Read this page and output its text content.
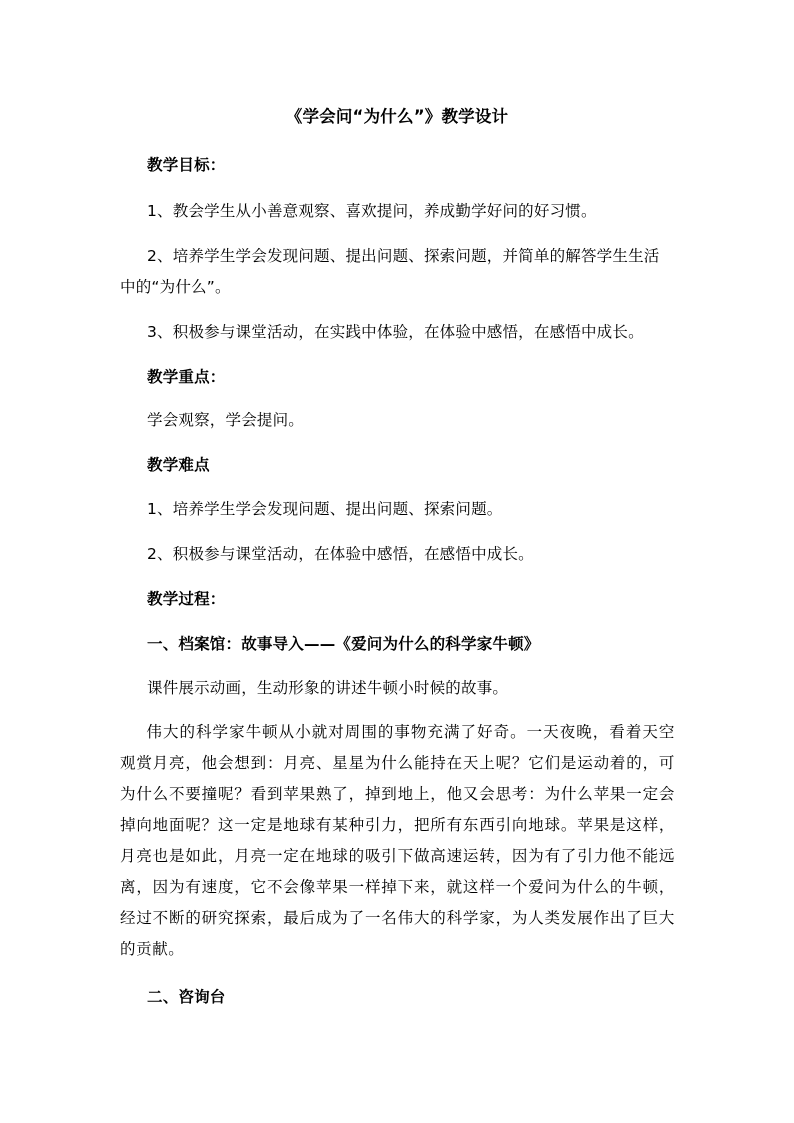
《学会问“为什么”》教学设计
教学目标：
1、教会学生从小善意观察、喜欢提问，养成勤学好问的好习惯。
2、培养学生学会发现问题、提出问题、探索问题，并简单的解答学生生活
中的“为什么”。
3、积极参与课堂活动，在实践中体验，在体验中感悟，在感悟中成长。
教学重点：
学会观察，学会提问。
教学难点
1、培养学生学会发现问题、提出问题、探索问题。
2、积极参与课堂活动，在体验中感悟，在感悟中成长。
教学过程：
一、档案馆：故事导入——《爱问为什么的科学家牛顿》
课件展示动画，生动形象的讲述牛顿小时候的故事。
伟大的科学家牛顿从小就对周围的事物充满了好奇。一天夜晚，看着天空观赏月亮，他会想到：月亮、星星为什么能持在天上呢？它们是运动着的，可为什么不要撞呢？看到苹果熟了，掉到地上，他又会思考：为什么苹果一定会掉向地面呢？这一定是地球有某种引力，把所有东西引向地球。苹果是这样，月亮也是如此，月亮一定在地球的吸引下做高速运转，因为有了引力他不能远离，因为有速度，它不会像苹果一样掉下来，就这样一个爱问为什么的牛顿，经过不断的研究探索，最后成为了一名伟大的科学家，为人类发展作出了巨大的贡献。
二、咨询台
